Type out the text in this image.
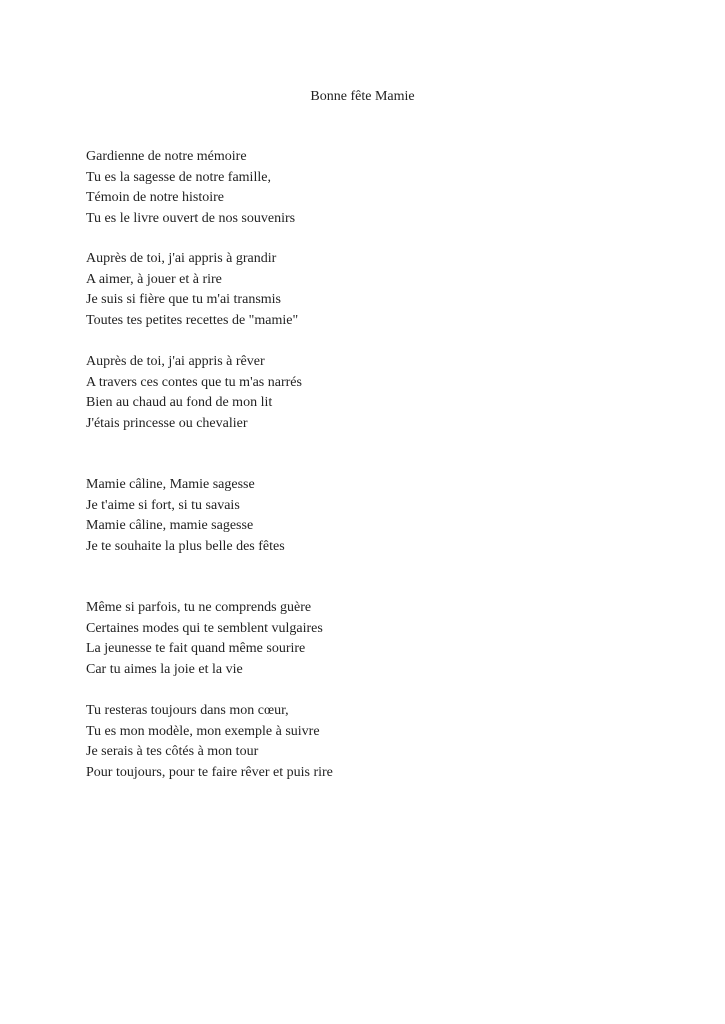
Bonne fête Mamie
Gardienne de notre mémoire
Tu es la sagesse de notre famille,
Témoin de notre histoire
Tu es le livre ouvert de nos souvenirs
Auprès de toi, j'ai appris à grandir
A aimer, à jouer et à rire
Je suis si fière que tu m'ai transmis
Toutes tes petites recettes de "mamie"
Auprès de toi, j'ai appris à rêver
A travers ces contes que tu m'as narrés
Bien au chaud au fond de mon lit
J'étais princesse ou chevalier
Mamie câline, Mamie sagesse
Je t'aime si fort, si tu savais
Mamie câline, mamie sagesse
Je te souhaite la plus belle des fêtes
Même si parfois, tu ne comprends guère
Certaines modes qui te semblent vulgaires
La jeunesse te fait quand même sourire
Car tu aimes la joie et la vie
Tu resteras toujours dans mon cœur,
Tu es mon modèle, mon exemple à suivre
Je serais à tes côtés à mon tour
Pour toujours, pour te faire rêver et puis rire
